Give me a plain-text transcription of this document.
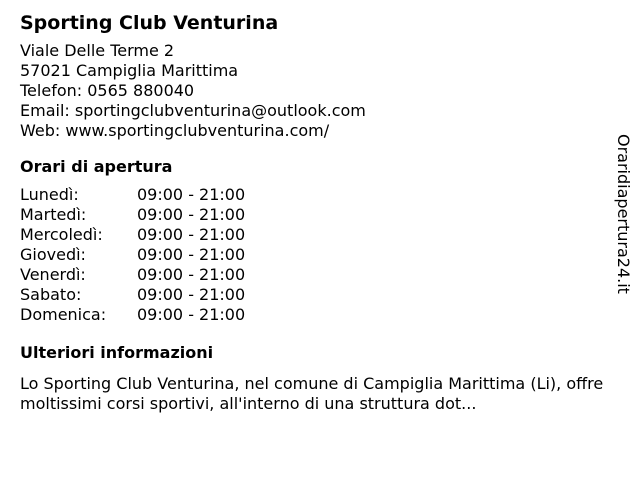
Sporting Club Venturina
Viale Delle Terme 2
57021 Campiglia Marittima
Telefon: 0565 880040
Email: sportingclubventurina@outlook.com
Web: www.sportingclubventurina.com/
Orari di apertura
Lunedì:	09:00 - 21:00
Martedì:	09:00 - 21:00
Mercoledì:	09:00 - 21:00
Giovedì:	09:00 - 21:00
Venerdì:	09:00 - 21:00
Sabato:	09:00 - 21:00
Domenica:	09:00 - 21:00
Ulteriori informazioni
Lo Sporting Club Venturina, nel comune di Campiglia Marittima (Li), offre moltissimi corsi sportivi, all'interno di una struttura dot...
Oraridiapertura24.it
